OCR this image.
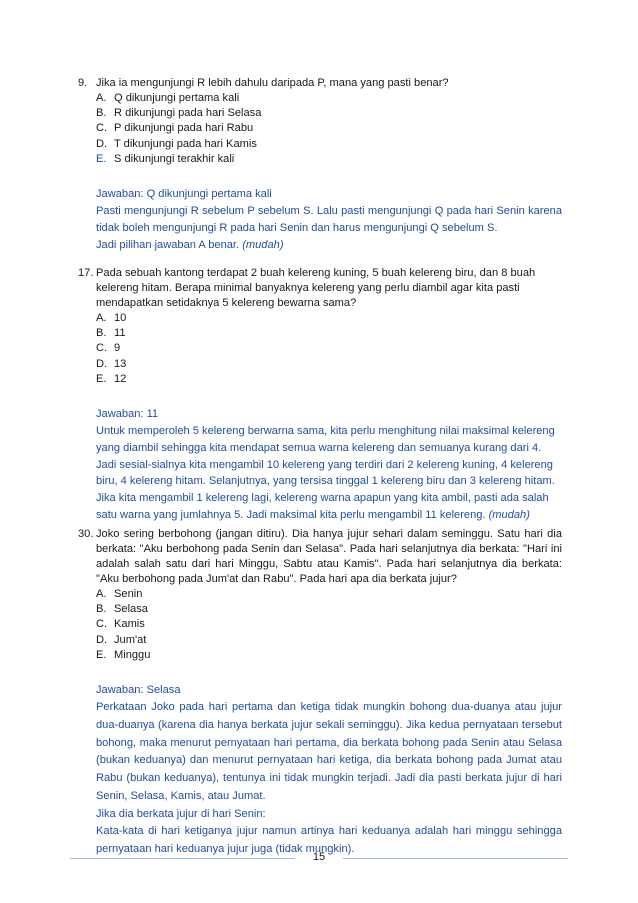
9. Jika ia mengunjungi R lebih dahulu daripada P, mana yang pasti benar?
A. Q dikunjungi pertama kali
B. R dikunjungi pada hari Selasa
C. P dikunjungi pada hari Rabu
D. T dikunjungi pada hari Kamis
E. S dikunjungi terakhir kali
Jawaban: Q dikunjungi pertama kali
Pasti mengunjungi R sebelum P sebelum S. Lalu pasti mengunjungi Q pada hari Senin karena tidak boleh mengunjungi R pada hari Senin dan harus mengunjungi Q sebelum S.
Jadi pilihan jawaban A benar. (mudah)
17. Pada sebuah kantong terdapat 2 buah kelereng kuning, 5 buah kelereng biru, dan 8 buah kelereng hitam. Berapa minimal banyaknya kelereng yang perlu diambil agar kita pasti mendapatkan setidaknya 5 kelereng bewarna sama?
A. 10
B. 11
C. 9
D. 13
E. 12
Jawaban: 11
Untuk memperoleh 5 kelereng berwarna sama, kita perlu menghitung nilai maksimal kelereng yang diambil sehingga kita mendapat semua warna kelereng dan semuanya kurang dari 4. Jadi sesial-sialnya kita mengambil 10 kelereng yang terdiri dari 2 kelereng kuning, 4 kelereng biru, 4 kelereng hitam. Selanjutnya, yang tersisa tinggal 1 kelereng biru dan 3 kelereng hitam. Jika kita mengambil 1 kelereng lagi, kelereng warna apapun yang kita ambil, pasti ada salah satu warna yang jumlahnya 5. Jadi maksimal kita perlu mengambil 11 kelereng. (mudah)
30. Joko sering berbohong (jangan ditiru). Dia hanya jujur sehari dalam seminggu. Satu hari dia berkata: "Aku berbohong pada Senin dan Selasa". Pada hari selanjutnya dia berkata: "Hari ini adalah salah satu dari hari Minggu, Sabtu atau Kamis". Pada hari selanjutnya dia berkata: "Aku berbohong pada Jum'at dan Rabu". Pada hari apa dia berkata jujur?
A. Senin
B. Selasa
C. Kamis
D. Jum'at
E. Minggu
Jawaban: Selasa
Perkataan Joko pada hari pertama dan ketiga tidak mungkin bohong dua-duanya atau jujur dua-duanya (karena dia hanya berkata jujur sekali seminggu). Jika kedua pernyataan tersebut bohong, maka menurut pernyataan hari pertama, dia berkata bohong pada Senin atau Selasa (bukan keduanya) dan menurut pernyataan hari ketiga, dia berkata bohong pada Jumat atau Rabu (bukan keduanya), tentunya ini tidak mungkin terjadi. Jadi dia pasti berkata jujur di hari Senin, Selasa, Kamis, atau Jumat.
Jika dia berkata jujur di hari Senin:
Kata-kata di hari ketiganya jujur namun artinya hari keduanya adalah hari minggu sehingga pernyataan hari keduanya jujur juga (tidak mungkin).
15
